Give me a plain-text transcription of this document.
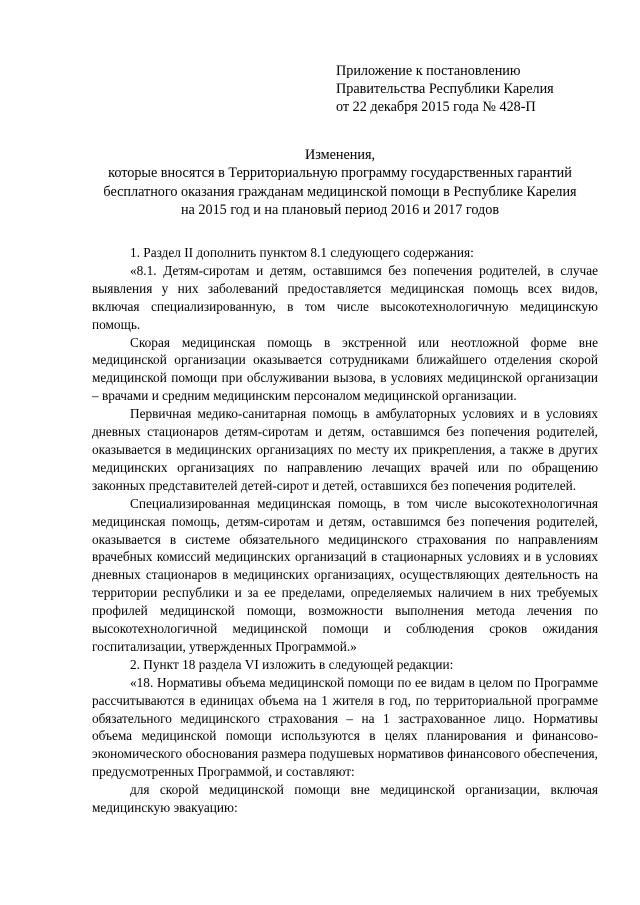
Приложение к постановлению
Правительства Республики Карелия
от 22 декабря 2015 года № 428-П
Изменения,
которые вносятся в Территориальную программу государственных гарантий
бесплатного оказания гражданам медицинской помощи в Республике Карелия
на 2015 год и на плановый период 2016 и 2017 годов

1. Раздел II дополнить пунктом 8.1 следующего содержания:

«8.1. Детям-сиротам и детям, оставшимся без попечения родителей, в случае выявления у них заболеваний предоставляется медицинская помощь всех видов, включая специализированную, в том числе высокотехнологичную медицинскую помощь.

Скорая медицинская помощь в экстренной или неотложной форме вне медицинской организации оказывается сотрудниками ближайшего отделения скорой медицинской помощи при обслуживании вызова, в условиях медицинской организации – врачами и средним медицинским персоналом медицинской организации.

Первичная медико-санитарная помощь в амбулаторных условиях и в условиях дневных стационаров детям-сиротам и детям, оставшимся без попечения родителей, оказывается в медицинских организациях по месту их прикрепления, а также в других медицинских организациях по направлению лечащих врачей или по обращению законных представителей детей-сирот и детей, оставшихся без попечения родителей.

Специализированная медицинская помощь, в том числе высокотехнологичная медицинская помощь, детям-сиротам и детям, оставшимся без попечения родителей, оказывается в системе обязательного медицинского страхования по направлениям врачебных комиссий медицинских организаций в стационарных условиях и в условиях дневных стационаров в медицинских организациях, осуществляющих деятельность на территории республики и за ее пределами, определяемых наличием в них требуемых профилей медицинской помощи, возможности выполнения метода лечения по высокотехнологичной медицинской помощи и соблюдения сроков ожидания госпитализации, утвержденных Программой.»

2. Пункт 18 раздела VI изложить в следующей редакции:

«18. Нормативы объема медицинской помощи по ее видам в целом по Программе рассчитываются в единицах объема на 1 жителя в год, по территориальной программе обязательного медицинского страхования – на 1 застрахованное лицо. Нормативы объема медицинской помощи используются в целях планирования и финансово-экономического обоснования размера подушевых нормативов финансового обеспечения, предусмотренных Программой, и составляют:

для скорой медицинской помощи вне медицинской организации, включая медицинскую эвакуацию:
